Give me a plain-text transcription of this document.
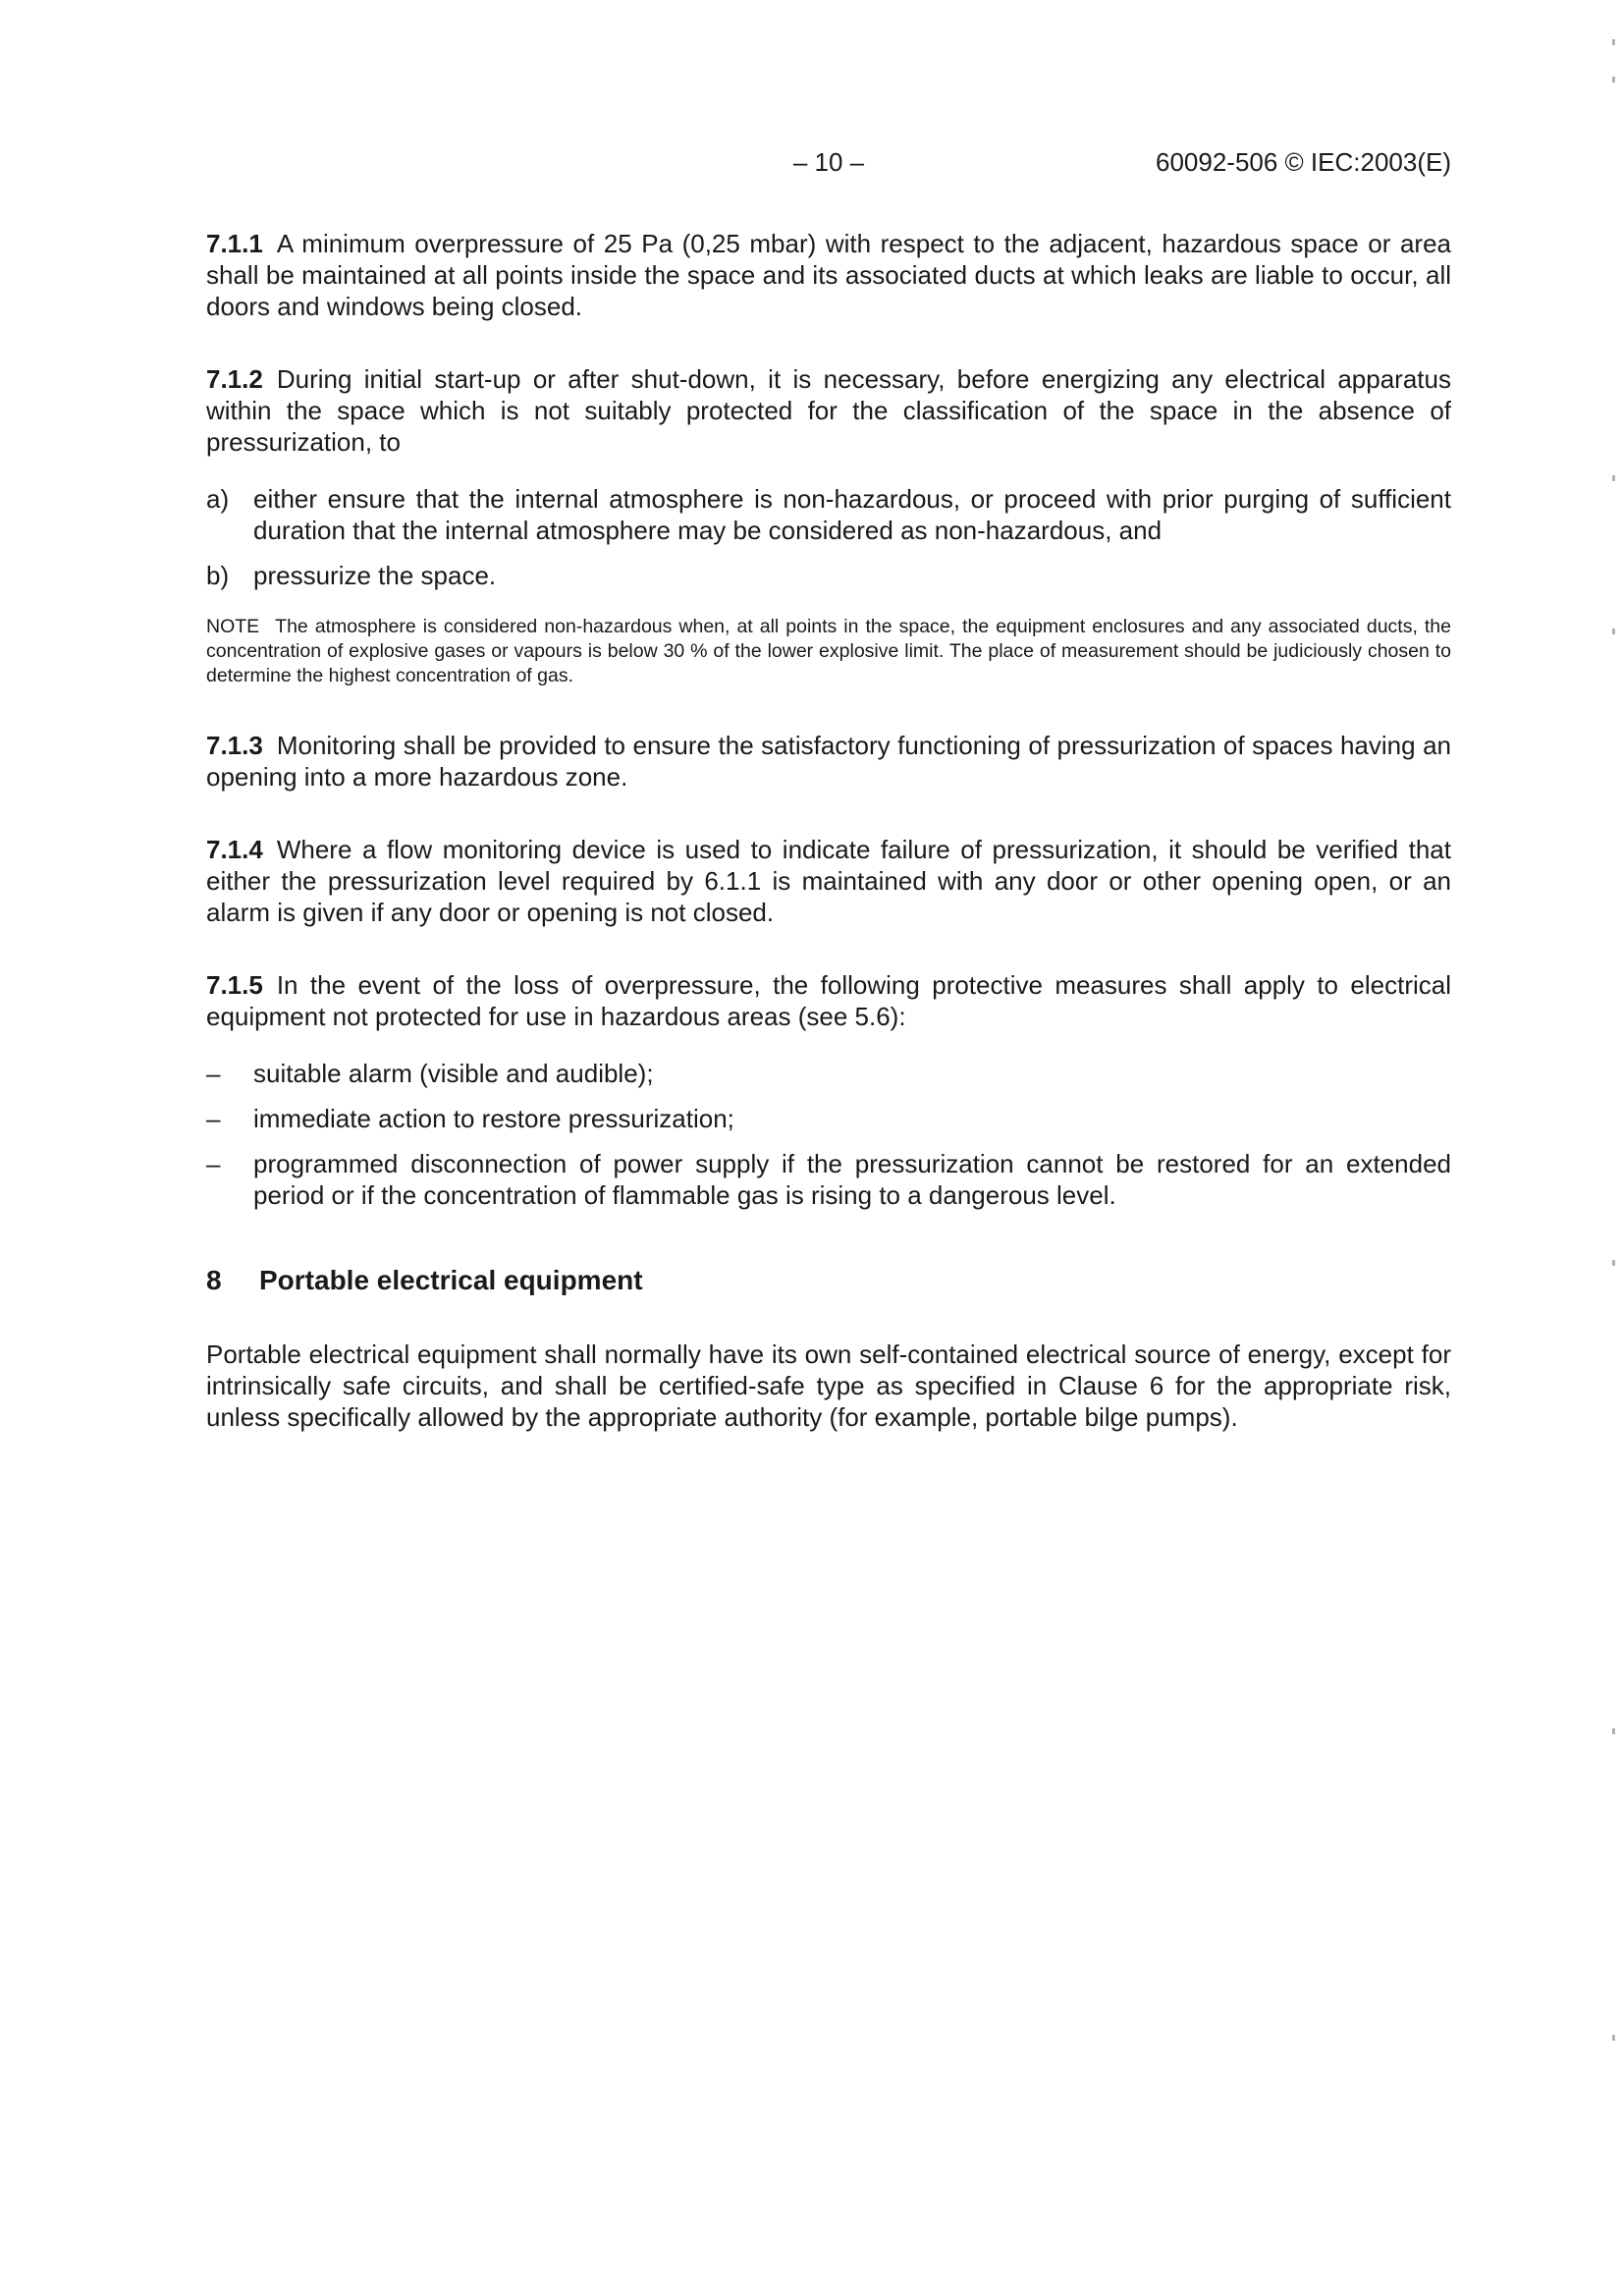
– 10 –	60092-506 © IEC:2003(E)

7.1.1 A minimum overpressure of 25 Pa (0,25 mbar) with respect to the adjacent, hazardous space or area shall be maintained at all points inside the space and its associated ducts at which leaks are liable to occur, all doors and windows being closed.

7.1.2 During initial start-up or after shut-down, it is necessary, before energizing any electrical apparatus within the space which is not suitably protected for the classification of the space in the absence of pressurization, to

a) either ensure that the internal atmosphere is non-hazardous, or proceed with prior purging of sufficient duration that the internal atmosphere may be considered as non-hazardous, and
b) pressurize the space.

NOTE The atmosphere is considered non-hazardous when, at all points in the space, the equipment enclosures and any associated ducts, the concentration of explosive gases or vapours is below 30 % of the lower explosive limit. The place of measurement should be judiciously chosen to determine the highest concentration of gas.

7.1.3 Monitoring shall be provided to ensure the satisfactory functioning of pressurization of spaces having an opening into a more hazardous zone.

7.1.4 Where a flow monitoring device is used to indicate failure of pressurization, it should be verified that either the pressurization level required by 6.1.1 is maintained with any door or other opening open, or an alarm is given if any door or opening is not closed.

7.1.5 In the event of the loss of overpressure, the following protective measures shall apply to electrical equipment not protected for use in hazardous areas (see 5.6):

– suitable alarm (visible and audible);
– immediate action to restore pressurization;
– programmed disconnection of power supply if the pressurization cannot be restored for an extended period or if the concentration of flammable gas is rising to a dangerous level.
8 Portable electrical equipment

Portable electrical equipment shall normally have its own self-contained electrical source of energy, except for intrinsically safe circuits, and shall be certified-safe type as specified in Clause 6 for the appropriate risk, unless specifically allowed by the appropriate authority (for example, portable bilge pumps).
